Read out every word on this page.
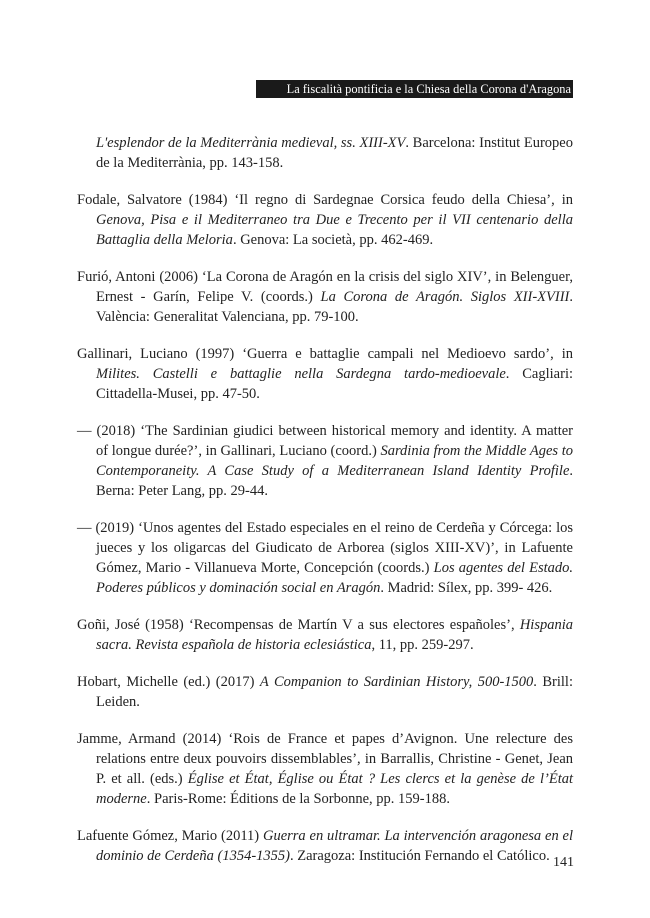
La fiscalità pontificia e la Chiesa della Corona d'Aragona

L'esplendor de la Mediterrània medieval, ss. XIII-XV. Barcelona: Institut Europeo de la Mediterrània, pp. 143-158.

Fodale, Salvatore (1984) ‘Il regno di Sardegnae Corsica feudo della Chiesa’, in Genova, Pisa e il Mediterraneo tra Due e Trecento per il VII centenario della Battaglia della Meloria. Genova: La società, pp. 462-469.

Furió, Antoni (2006) ‘La Corona de Aragón en la crisis del siglo XIV’, in Belenguer, Ernest - Garín, Felipe V. (coords.) La Corona de Aragón. Siglos XII-XVIII. València: Generalitat Valenciana, pp. 79-100.

Gallinari, Luciano (1997) ‘Guerra e battaglie campali nel Medioevo sardo’, in Milites. Castelli e battaglie nella Sardegna tardo-medioevale. Cagliari: Cittadella-Musei, pp. 47-50.

— (2018) ‘The Sardinian giudici between historical memory and identity. A matter of longue durée?’, in Gallinari, Luciano (coord.) Sardinia from the Middle Ages to Contemporaneity. A Case Study of a Mediterranean Island Identity Profile. Berna: Peter Lang, pp. 29-44.

— (2019) ‘Unos agentes del Estado especiales en el reino de Cerdeña y Córcega: los jueces y los oligarcas del Giudicato de Arborea (siglos XIII-XV)’, in Lafuente Gómez, Mario - Villanueva Morte, Concepción (coords.) Los agentes del Estado. Poderes públicos y dominación social en Aragón. Madrid: Sílex, pp. 399- 426.

Goñi, José (1958) ‘Recompensas de Martín V a sus electores españoles’, Hispania sacra. Revista española de historia eclesiástica, 11, pp. 259-297.

Hobart, Michelle (ed.) (2017) A Companion to Sardinian History, 500-1500. Brill: Leiden.

Jamme, Armand (2014) ‘Rois de France et papes d’Avignon. Une relecture des relations entre deux pouvoirs dissemblables’, in Barrallis, Christine - Genet, Jean P. et all. (eds.) Église et État, Église ou État ? Les clercs et la genèse de l’État moderne. Paris-Rome: Éditions de la Sorbonne, pp. 159-188.

Lafuente Gómez, Mario (2011) Guerra en ultramar. La intervención aragonesa en el dominio de Cerdeña (1354-1355). Zaragoza: Institución Fernando el Católico. 141
